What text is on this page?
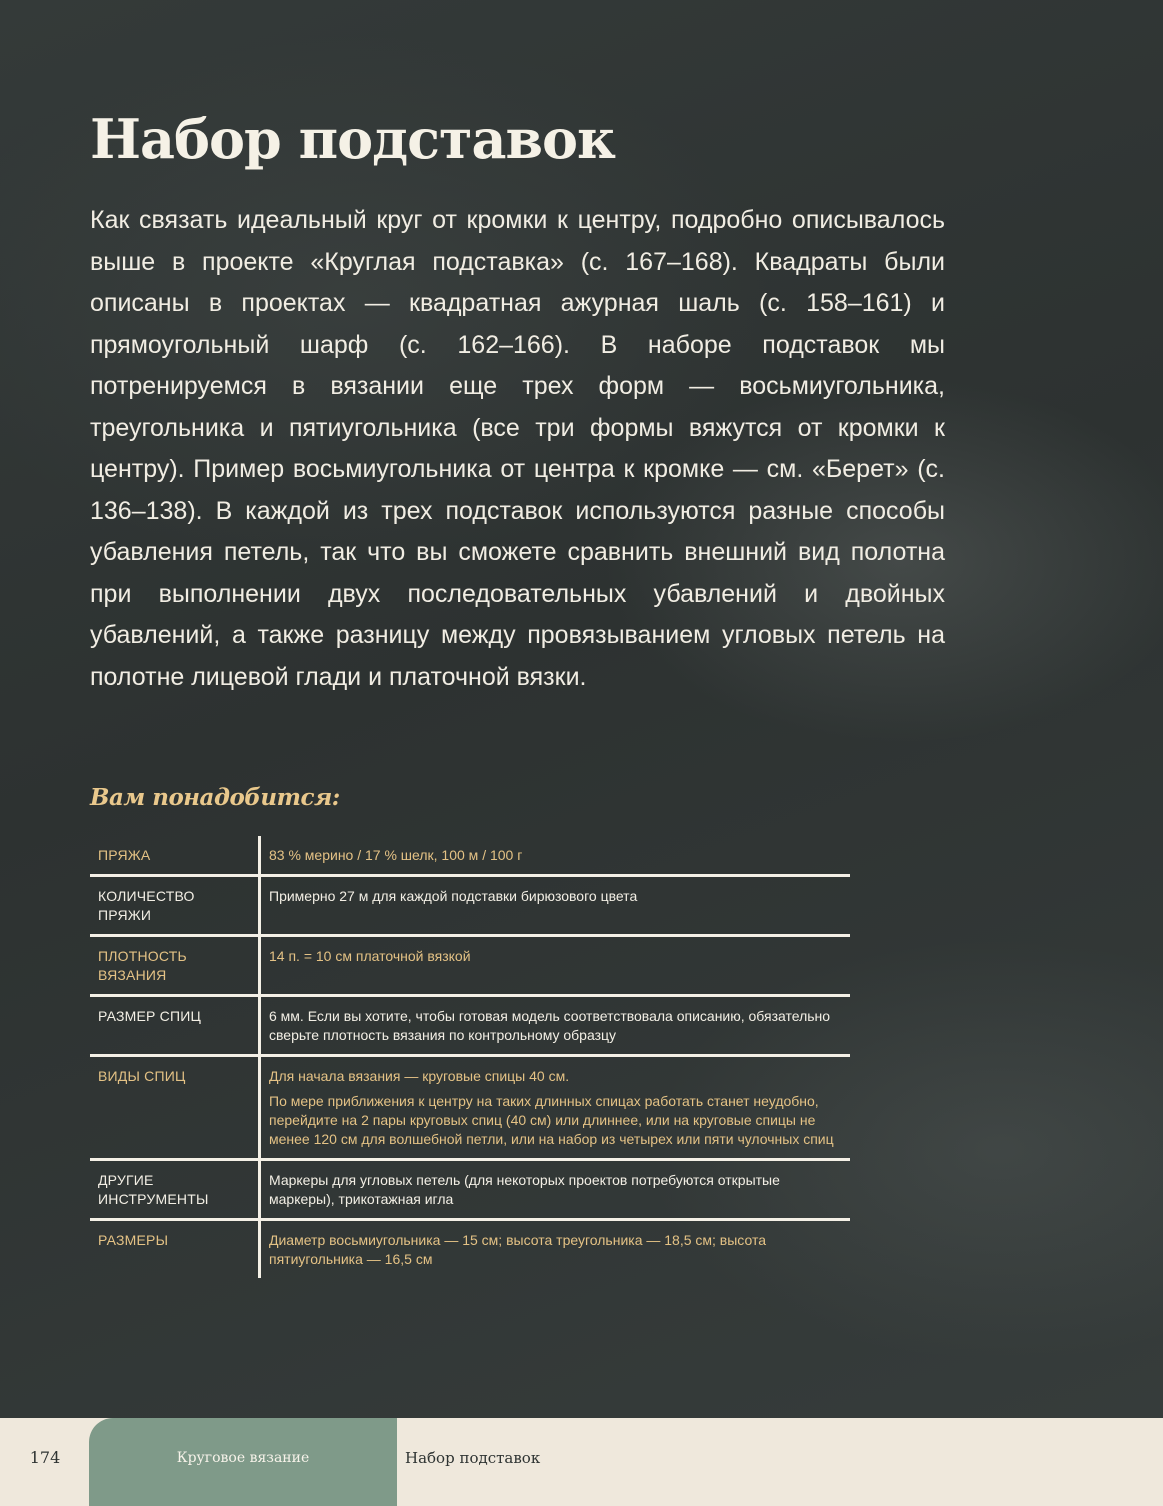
Набор подставок

Как связать идеальный круг от кромки к центру, подробно описывалось выше в проекте «Круглая подставка» (с. 167–168). Квадраты были описаны в проектах — квадратная ажурная шаль (с. 158–161) и прямоугольный шарф (с. 162–166). В наборе подставок мы потренируемся в вязании еще трех форм — восьмиугольника, треугольника и пятиугольника (все три формы вяжутся от кромки к центру). Пример восьмиугольника от центра к кромке — см. «Берет» (с. 136–138). В каждой из трех подставок используются разные способы убавления петель, так что вы сможете сравнить внешний вид полотна при выполнении двух последовательных убавлений и двойных убавлений, а также разницу между провязыванием угловых петель на полотне лицевой глади и платочной вязки.

Вам понадобится:
ПРЯЖА	83 % мерино / 17 % шелк, 100 м / 100 г
КОЛИЧЕСТВО ПРЯЖИ	Примерно 27 м для каждой подставки бирюзового цвета
ПЛОТНОСТЬ ВЯЗАНИЯ	14 п. = 10 см платочной вязкой
РАЗМЕР СПИЦ	6 мм. Если вы хотите, чтобы готовая модель соответствовала описанию, обязательно сверьте плотность вязания по контрольному образцу
ВИДЫ СПИЦ	Для начала вязания — круговые спицы 40 см.

По мере приближения к центру на таких длинных спицах работать станет неудобно, перейдите на 2 пары круговых спиц (40 см) или длиннее, или на круговые спицы не менее 120 см для волшебной петли, или на набор из четырех или пяти чулочных спиц

ДРУГИЕ ИНСТРУМЕНТЫ	Маркеры для угловых петель (для некоторых проектов потребуются открытые маркеры), трикотажная игла
РАЗМЕРЫ	Диаметр восьмиугольника — 15 см; высота треугольника — 18,5 см; высота пятиугольника — 16,5 см
174	Круговое вязание	Набор подставок
